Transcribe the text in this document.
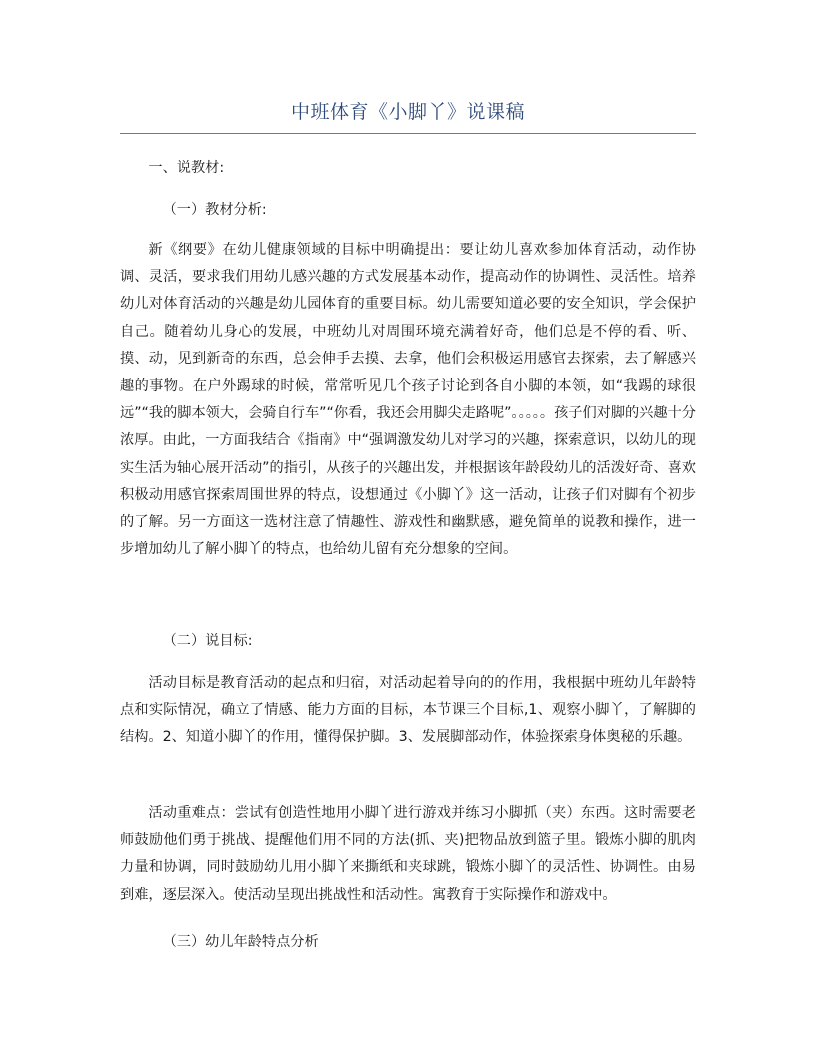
中班体育《小脚丫》说课稿

一、说教材:

（一）教材分析:

新《纲要》在幼儿健康领域的目标中明确提出：要让幼儿喜欢参加体育活动，动作协调、灵活，要求我们用幼儿感兴趣的方式发展基本动作，提高动作的协调性、灵活性。培养幼儿对体育活动的兴趣是幼儿园体育的重要目标。幼儿需要知道必要的安全知识，学会保护自己。随着幼儿身心的发展，中班幼儿对周围环境充满着好奇，他们总是不停的看、听、摸、动，见到新奇的东西，总会伸手去摸、去拿，他们会积极运用感官去探索，去了解感兴趣的事物。在户外踢球的时候，常常听见几个孩子讨论到各自小脚的本领，如“我踢的球很远”“我的脚本领大，会骑自行车”“你看，我还会用脚尖走路呢”。。。。。孩子们对脚的兴趣十分浓厚。由此，一方面我结合《指南》中“强调激发幼儿对学习的兴趣，探索意识，以幼儿的现实生活为轴心展开活动”的指引，从孩子的兴趣出发，并根据该年龄段幼儿的活泼好奇、喜欢积极动用感官探索周围世界的特点，设想通过《小脚丫》这一活动，让孩子们对脚有个初步的了解。另一方面这一选材注意了情趣性、游戏性和幽默感，避免简单的说教和操作，进一步增加幼儿了解小脚丫的特点，也给幼儿留有充分想象的空间。

（二）说目标:

活动目标是教育活动的起点和归宿，对活动起着导向的的作用，我根据中班幼儿年龄特点和实际情况，确立了情感、能力方面的目标，本节课三个目标,1、观察小脚丫，了解脚的结构。2、知道小脚丫的作用，懂得保护脚。3、发展脚部动作，体验探索身体奥秘的乐趣。

活动重难点：尝试有创造性地用小脚丫进行游戏并练习小脚抓（夹）东西。这时需要老师鼓励他们勇于挑战、提醒他们用不同的方法(抓、夹)把物品放到篮子里。锻炼小脚的肌肉力量和协调，同时鼓励幼儿用小脚丫来撕纸和夹球跳，锻炼小脚丫的灵活性、协调性。由易到难，逐层深入。使活动呈现出挑战性和活动性。寓教育于实际操作和游戏中。

（三）幼儿年龄特点分析
